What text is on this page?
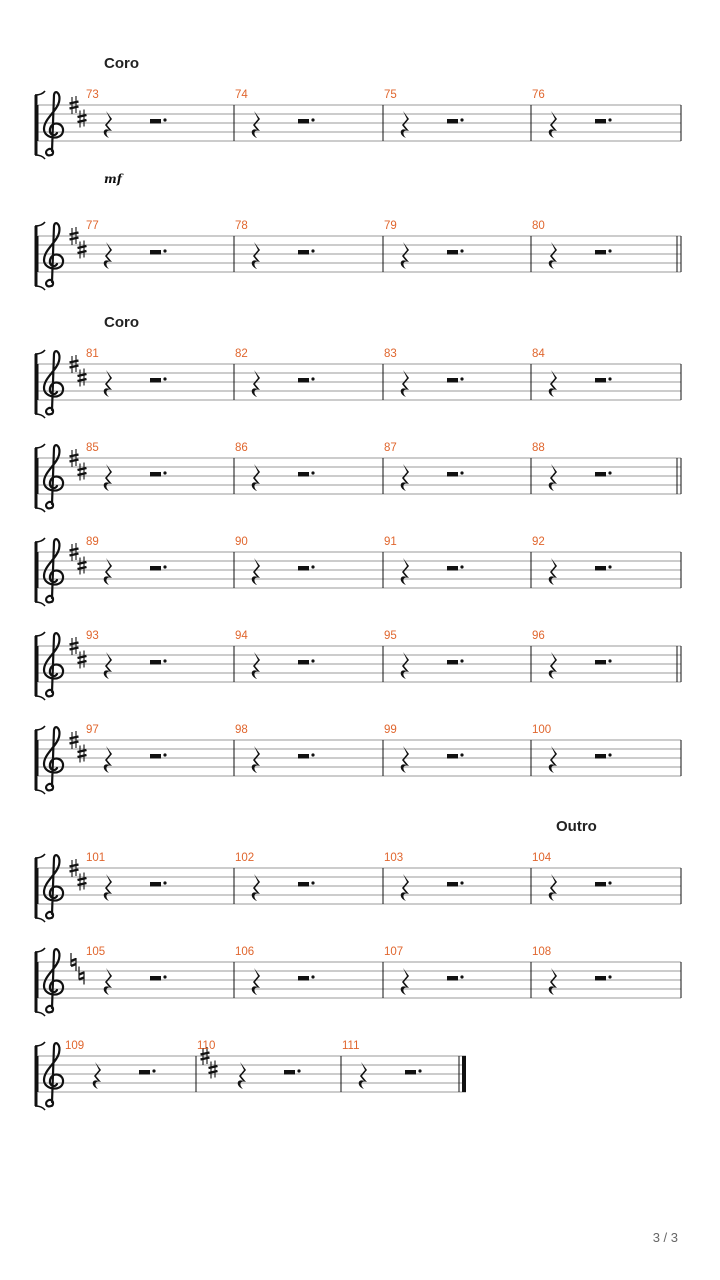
Coro
mf
73	74	75	76
77	78	79	80
Coro
81	82	83	84
85	86	87	88
89	90	91	92
93	94	95	96
97	98	99	100
Outro
101	102	103	104
105	106	107	108
109	110	111
3 / 3
